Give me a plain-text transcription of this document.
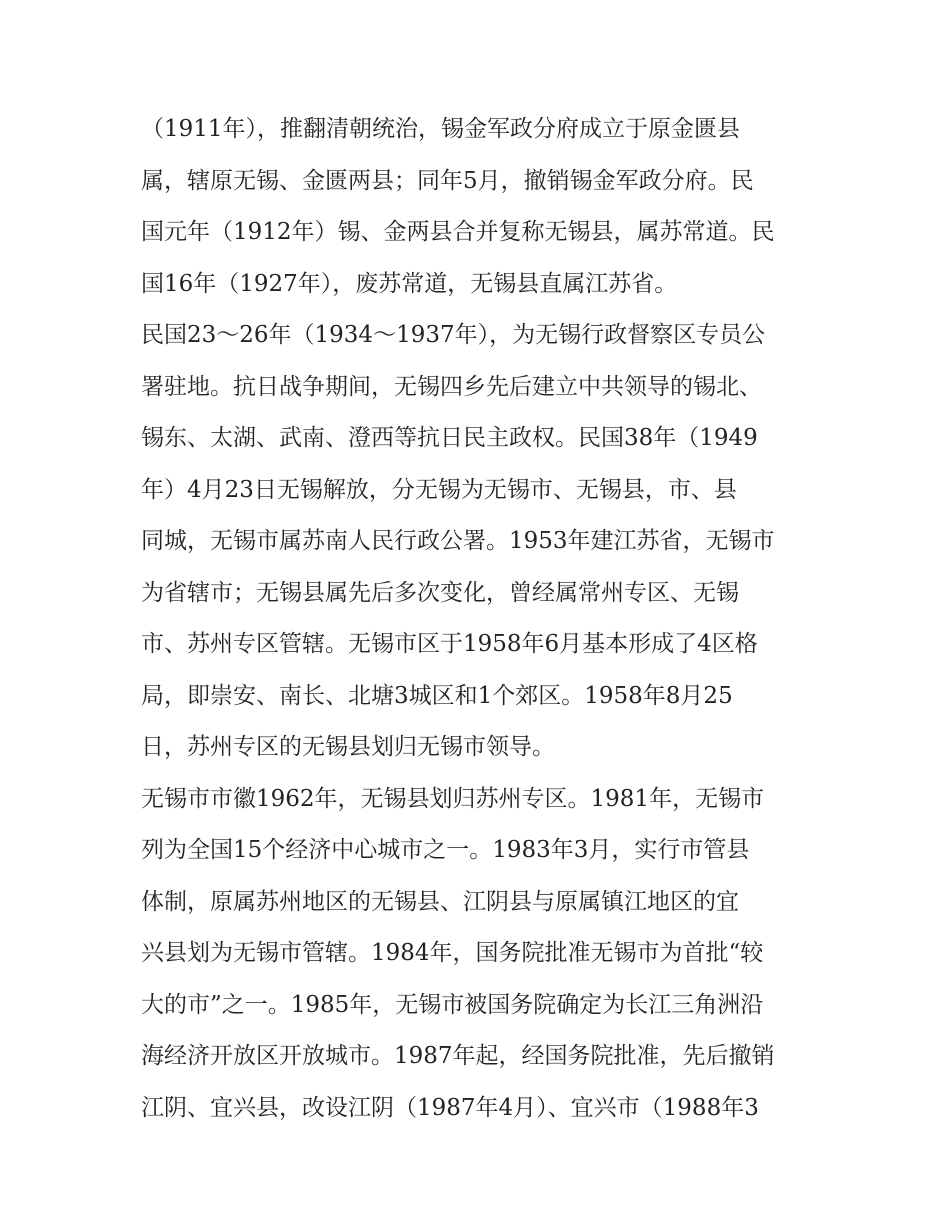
（1911年），推翻清朝统治，锡金军政分府成立于原金匮县
属，辖原无锡、金匮两县；同年5月，撤销锡金军政分府。民
国元年（1912年）锡、金两县合并复称无锡县，属苏常道。民
国16年（1927年），废苏常道，无锡县直属江苏省。
民国23～26年（1934～1937年），为无锡行政督察区专员公
署驻地。抗日战争期间，无锡四乡先后建立中共领导的锡北、
锡东、太湖、武南、澄西等抗日民主政权。民国38年（1949
年）4月23日无锡解放，分无锡为无锡市、无锡县，市、县
同城，无锡市属苏南人民行政公署。1953年建江苏省，无锡市
为省辖市；无锡县属先后多次变化，曾经属常州专区、无锡
市、苏州专区管辖。无锡市区于1958年6月基本形成了4区格
局，即崇安、南长、北塘3城区和1个郊区。1958年8月25
日，苏州专区的无锡县划归无锡市领导。
无锡市市徽1962年，无锡县划归苏州专区。1981年，无锡市
列为全国15个经济中心城市之一。1983年3月，实行市管县
体制，原属苏州地区的无锡县、江阴县与原属镇江地区的宜
兴县划为无锡市管辖。1984年，国务院批准无锡市为首批“较
大的市”之一。1985年，无锡市被国务院确定为长江三角洲沿
海经济开放区开放城市。1987年起，经国务院批准，先后撤销
江阴、宜兴县，改设江阴（1987年4月）、宜兴市（1988年3
